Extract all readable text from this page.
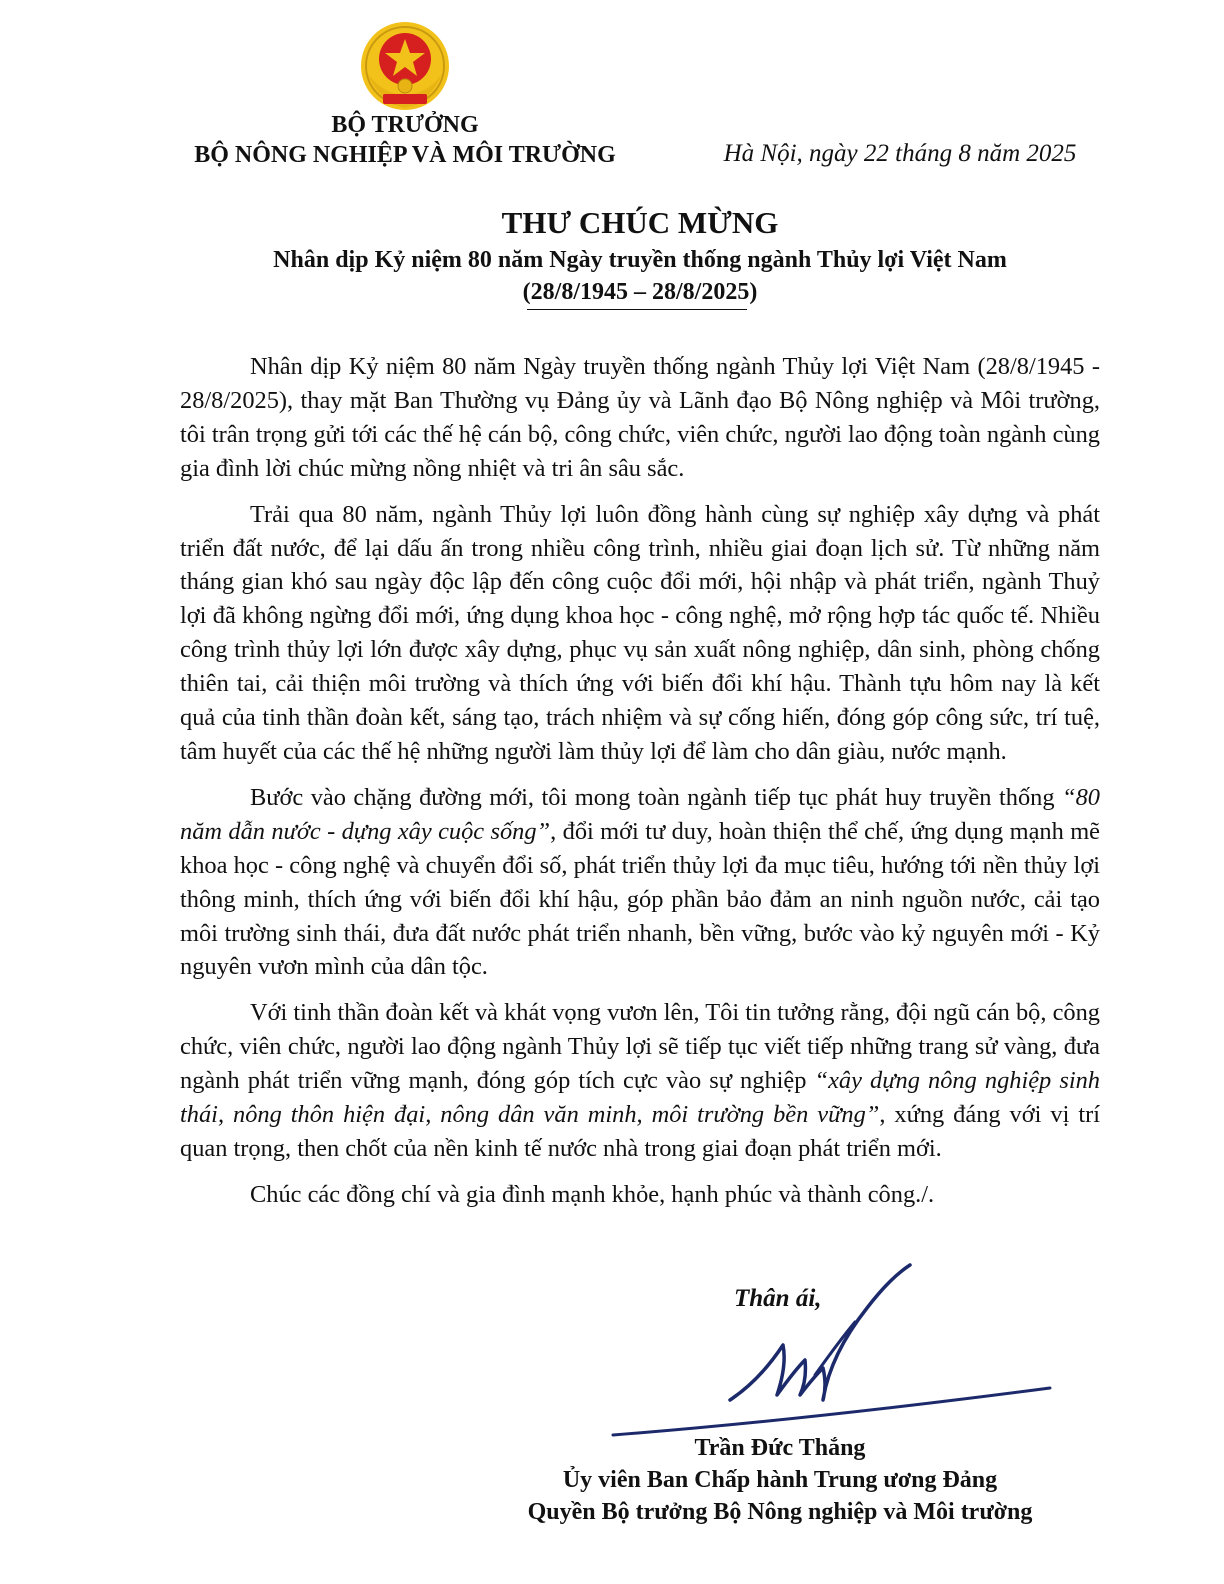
BỘ TRƯỞNG
BỘ NÔNG NGHIỆP VÀ MÔI TRƯỜNG	Hà Nội, ngày 22 tháng 8 năm 2025
THƯ CHÚC MỪNG
Nhân dịp Kỷ niệm 80 năm Ngày truyền thống ngành Thủy lợi Việt Nam
(28/8/1945 – 28/8/2025)

Nhân dịp Kỷ niệm 80 năm Ngày truyền thống ngành Thủy lợi Việt Nam (28/8/1945 - 28/8/2025), thay mặt Ban Thường vụ Đảng ủy và Lãnh đạo Bộ Nông nghiệp và Môi trường, tôi trân trọng gửi tới các thế hệ cán bộ, công chức, viên chức, người lao động toàn ngành cùng gia đình lời chúc mừng nồng nhiệt và tri ân sâu sắc.

Trải qua 80 năm, ngành Thủy lợi luôn đồng hành cùng sự nghiệp xây dựng và phát triển đất nước, để lại dấu ấn trong nhiều công trình, nhiều giai đoạn lịch sử. Từ những năm tháng gian khó sau ngày độc lập đến công cuộc đổi mới, hội nhập và phát triển, ngành Thuỷ lợi đã không ngừng đổi mới, ứng dụng khoa học - công nghệ, mở rộng hợp tác quốc tế. Nhiều công trình thủy lợi lớn được xây dựng, phục vụ sản xuất nông nghiệp, dân sinh, phòng chống thiên tai, cải thiện môi trường và thích ứng với biến đổi khí hậu. Thành tựu hôm nay là kết quả của tinh thần đoàn kết, sáng tạo, trách nhiệm và sự cống hiến, đóng góp công sức, trí tuệ, tâm huyết của các thế hệ những người làm thủy lợi để làm cho dân giàu, nước mạnh.

Bước vào chặng đường mới, tôi mong toàn ngành tiếp tục phát huy truyền thống “80 năm dẫn nước - dựng xây cuộc sống”, đổi mới tư duy, hoàn thiện thể chế, ứng dụng mạnh mẽ khoa học - công nghệ và chuyển đổi số, phát triển thủy lợi đa mục tiêu, hướng tới nền thủy lợi thông minh, thích ứng với biến đổi khí hậu, góp phần bảo đảm an ninh nguồn nước, cải tạo môi trường sinh thái, đưa đất nước phát triển nhanh, bền vững, bước vào kỷ nguyên mới - Kỷ nguyên vươn mình của dân tộc.

Với tinh thần đoàn kết và khát vọng vươn lên, Tôi tin tưởng rằng, đội ngũ cán bộ, công chức, viên chức, người lao động ngành Thủy lợi sẽ tiếp tục viết tiếp những trang sử vàng, đưa ngành phát triển vững mạnh, đóng góp tích cực vào sự nghiệp “xây dựng nông nghiệp sinh thái, nông thôn hiện đại, nông dân văn minh, môi trường bền vững”, xứng đáng với vị trí quan trọng, then chốt của nền kinh tế nước nhà trong giai đoạn phát triển mới.

Chúc các đồng chí và gia đình mạnh khỏe, hạnh phúc và thành công./.

Thân ái,
Trần Đức Thắng
Ủy viên Ban Chấp hành Trung ương Đảng
Quyền Bộ trưởng Bộ Nông nghiệp và Môi trường
